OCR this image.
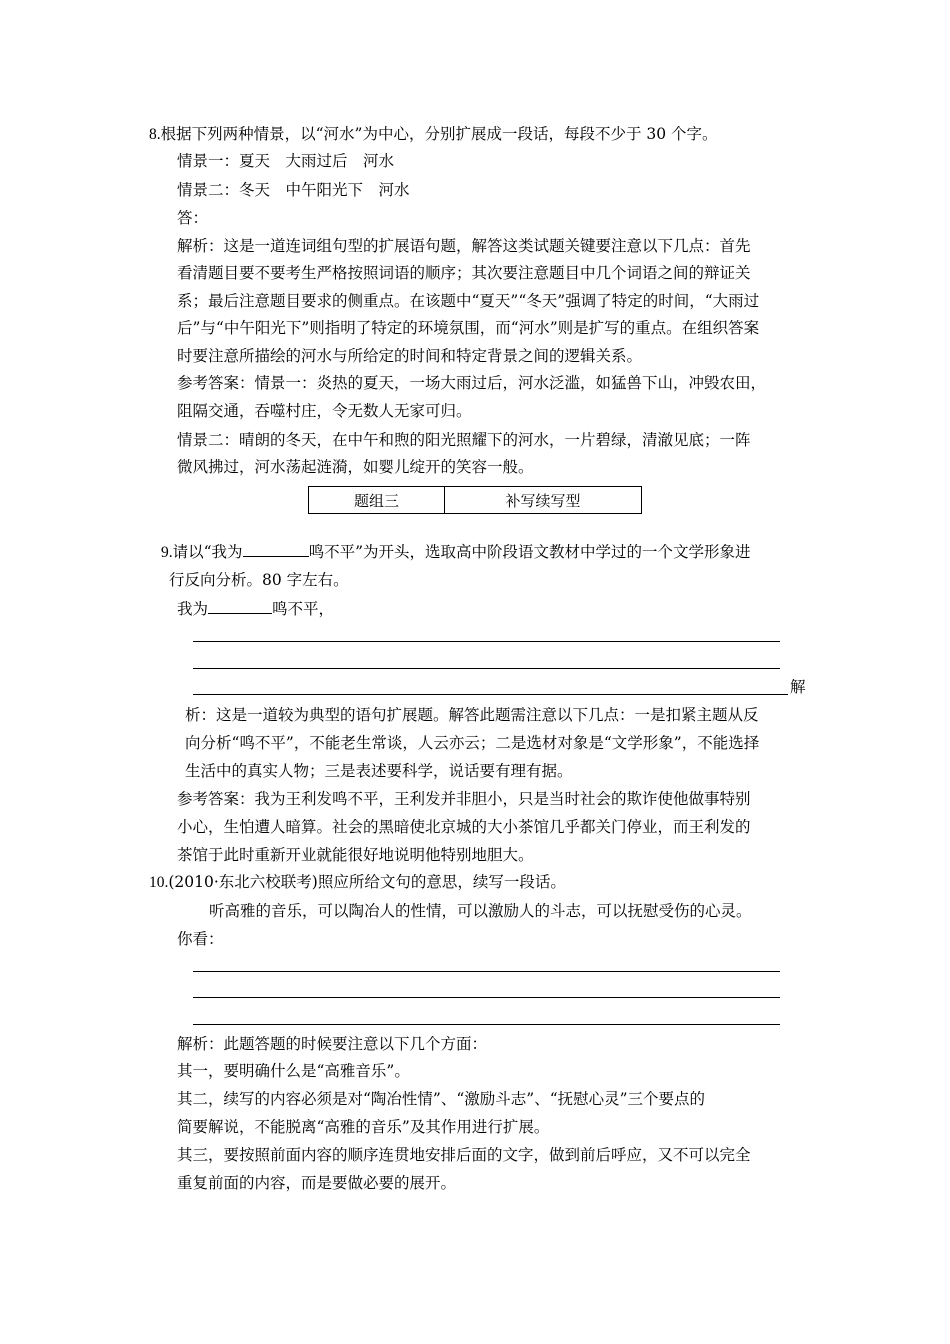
8.根据下列两种情景，以“河水”为中心，分别扩展成一段话，每段不少于 30 个字。
情景一：夏天　大雨过后　河水
情景二：冬天　中午阳光下　河水
答：
解析：这是一道连词组句型的扩展语句题，解答这类试题关键要注意以下几点：首先
看清题目要不要考生严格按照词语的顺序；其次要注意题目中几个词语之间的辩证关
系；最后注意题目要求的侧重点。在该题中“夏天”“冬天”强调了特定的时间，“大雨过
后”与“中午阳光下”则指明了特定的环境氛围，而“河水”则是扩写的重点。在组织答案
时要注意所描绘的河水与所给定的时间和特定背景之间的逻辑关系。
参考答案：情景一：炎热的夏天，一场大雨过后，河水泛滥，如猛兽下山，冲毁农田，
阻隔交通，吞噬村庄，令无数人无家可归。
情景二：晴朗的冬天，在中午和煦的阳光照耀下的河水，一片碧绿，清澈见底；一阵
微风拂过，河水荡起涟漪，如婴儿绽开的笑容一般。
题组三	补写续写型
9.请以“我为	鸣不平”为开头，选取高中阶段语文教材中学过的一个文学形象进
行反向分析。80 字左右。
我为	鸣不平，
解
析：这是一道较为典型的语句扩展题。解答此题需注意以下几点：一是扣紧主题从反
向分析“鸣不平”，不能老生常谈，人云亦云；二是选材对象是“文学形象”，不能选择
生活中的真实人物；三是表述要科学，说话要有理有据。
参考答案：我为王利发鸣不平，王利发并非胆小，只是当时社会的欺诈使他做事特别
小心，生怕遭人暗算。社会的黑暗使北京城的大小茶馆几乎都关门停业，而王利发的
茶馆于此时重新开业就能很好地说明他特别地胆大。
10.(2010·东北六校联考)照应所给文句的意思，续写一段话。
听高雅的音乐，可以陶冶人的性情，可以激励人的斗志，可以抚慰受伤的心灵。
你看：
解析：此题答题的时候要注意以下几个方面：
其一，要明确什么是“高雅音乐”。
其二，续写的内容必须是对“陶冶性情”、“激励斗志”、“抚慰心灵”三个要点的
简要解说，不能脱离“高雅的音乐”及其作用进行扩展。
其三，要按照前面内容的顺序连贯地安排后面的文字，做到前后呼应，又不可以完全
重复前面的内容，而是要做必要的展开。
